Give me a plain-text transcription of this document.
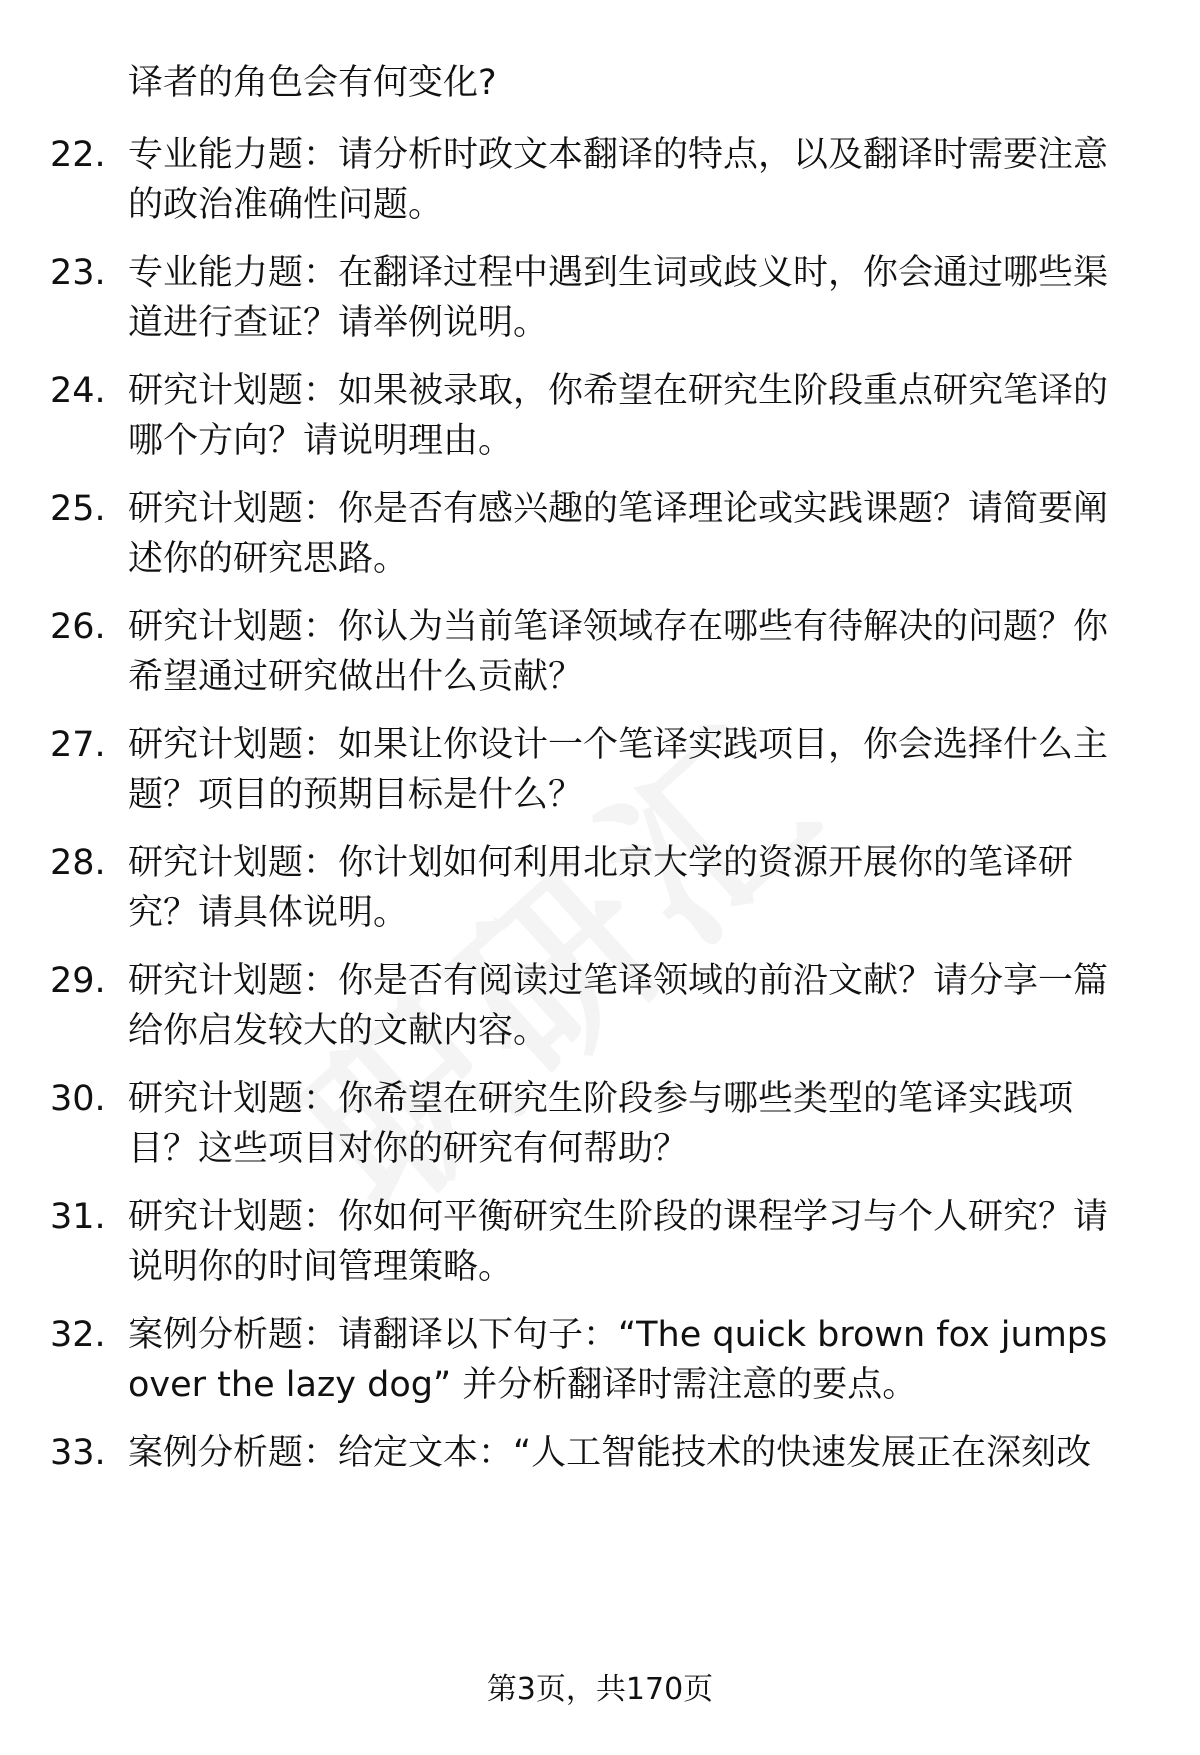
译者的角色会有何变化?
22. 专业能力题：请分析时政文本翻译的特点，以及翻译时需要注意的政治准确性问题。
23. 专业能力题：在翻译过程中遇到生词或歧义时，你会通过哪些渠道进行查证？请举例说明。
24. 研究计划题：如果被录取，你希望在研究生阶段重点研究笔译的哪个方向？请说明理由。
25. 研究计划题：你是否有感兴趣的笔译理论或实践课题？请简要阐述你的研究思路。
26. 研究计划题：你认为当前笔译领域存在哪些有待解决的问题？你希望通过研究做出什么贡献？
27. 研究计划题：如果让你设计一个笔译实践项目，你会选择什么主题？项目的预期目标是什么？
28. 研究计划题：你计划如何利用北京大学的资源开展你的笔译研究？请具体说明。
29. 研究计划题：你是否有阅读过笔译领域的前沿文献？请分享一篇给你启发较大的文献内容。
30. 研究计划题：你希望在研究生阶段参与哪些类型的笔译实践项目？这些项目对你的研究有何帮助？
31. 研究计划题：你如何平衡研究生阶段的课程学习与个人研究？请说明你的时间管理策略。
32. 案例分析题：请翻译以下句子：“The quick brown fox jumps over the lazy dog” 并分析翻译时需注意的要点。
33. 案例分析题：给定文本：“人工智能技术的快速发展正在深刻改
第3页，共170页
